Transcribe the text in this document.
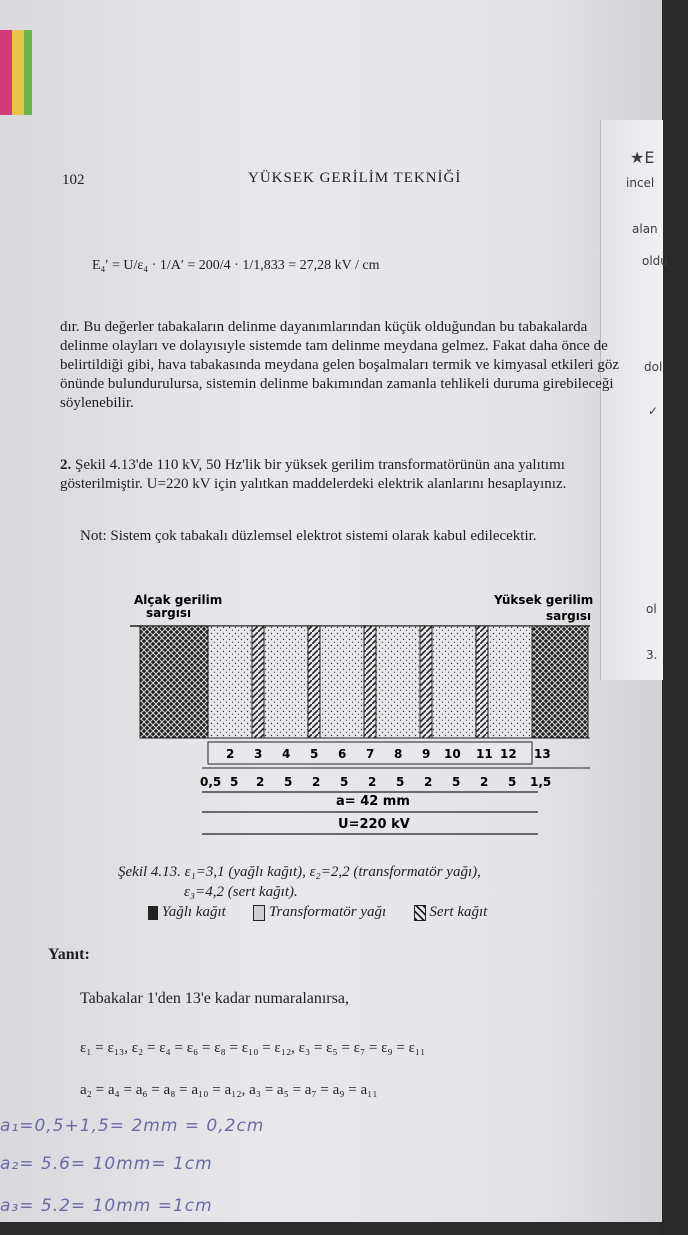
★E
incel
alan
oldu
dol
✓
ol
3.
102	YÜKSEK GERİLİM TEKNİĞİ
E₄′ = U/ε₄ · 1/A′ = 200/4 · 1/1,833 = 27,28 kV / cm
dır. Bu değerler tabakaların delinme dayanımlarından küçük olduğundan bu tabakalarda delinme olayları ve dolayısıyle sistemde tam delinme meydana gelmez. Fakat daha önce de belirtildiği gibi, hava tabakasında meydana gelen boşalmaları termik ve kimyasal etkileri göz önünde bulundurulursa, sistemin delinme bakımından zamanla tehlikeli duruma girebileceği söylenebilir.
2. Şekil 4.13'de 110 kV, 50 Hz'lik bir yüksek gerilim transformatörünün ana yalıtımı gösterilmiştir. U=220 kV için yalıtkan maddelerdeki elektrik alanlarını hesaplayınız.
Not: Sistem çok tabakalı düzlemsel elektrot sistemi olarak kabul edilecektir.
Alçak gerilim
sargısı
Yüksek gerilim
sargısı
2 3 4 5 6 7 8 9 10 11 12 13
0,5 5 2 5 2 5 2 5 2 5 2 5 1,5
a= 42 mm
U=220 kV
Şekil 4.13. ε₁=3,1 (yağlı kağıt), ε₂=2,2 (transformatör yağı),
ε₃=4,2 (sert kağıt).
Yağlı kağıt	Transformatör yağı	Sert kağıt
Yanıt:
Tabakalar 1'den 13'e kadar numaralanırsa,
ε₁ = ε₁₃, ε₂ = ε₄ = ε₆ = ε₈ = ε₁₀ = ε₁₂, ε₃ = ε₅ = ε₇ = ε₉ = ε₁₁
a₂ = a₄ = a₆ = a₈ = a₁₀ = a₁₂, a₃ = a₅ = a₇ = a₉ = a₁₁
a₁=0,5+1,5= 2mm = 0,2cm
a₂= 5.6= 10mm= 1cm
a₃= 5.2= 10mm =1cm
